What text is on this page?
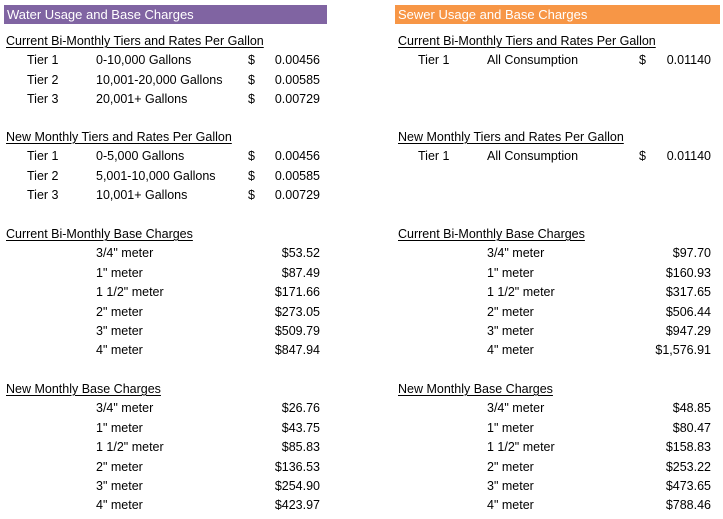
Water Usage and Base Charges	Sewer Usage and Base Charges
Current Bi-Monthly Tiers and Rates Per Gallon
Tier 1	0-10,000 Gallons	$ 0.00456
Tier 2	10,001-20,000 Gallons $ 0.00585
Tier 3	20,001+ Gallons	$ 0.00729
New Monthly Tiers and Rates Per Gallon
Tier 1	0-5,000 Gallons	$ 0.00456
Tier 2	5,001-10,000 Gallons	$ 0.00585
Tier 3	10,001+ Gallons	$ 0.00729
Current Bi-Monthly Base Charges
3/4" meter	$53.52
1" meter	$87.49
1 1/2" meter	$171.66
2" meter	$273.05
3" meter	$509.79
4" meter	$847.94
New Monthly Base Charges
3/4" meter	$26.76
1" meter	$43.75
1 1/2" meter	$85.83
2" meter	$136.53
3" meter	$254.90
4" meter	$423.97
Current Bi-Monthly Tiers and Rates Per Gallon
Tier 1	All Consumption	$ 0.01140
New Monthly Tiers and Rates Per Gallon
Tier 1	All Consumption	$ 0.01140
Current Bi-Monthly Base Charges
3/4" meter	$97.70
1" meter	$160.93
1 1/2" meter	$317.65
2" meter	$506.44
3" meter	$947.29
4" meter	$1,576.91
New Monthly Base Charges
3/4" meter	$48.85
1" meter	$80.47
1 1/2" meter	$158.83
2" meter	$253.22
3" meter	$473.65
4" meter	$788.46
